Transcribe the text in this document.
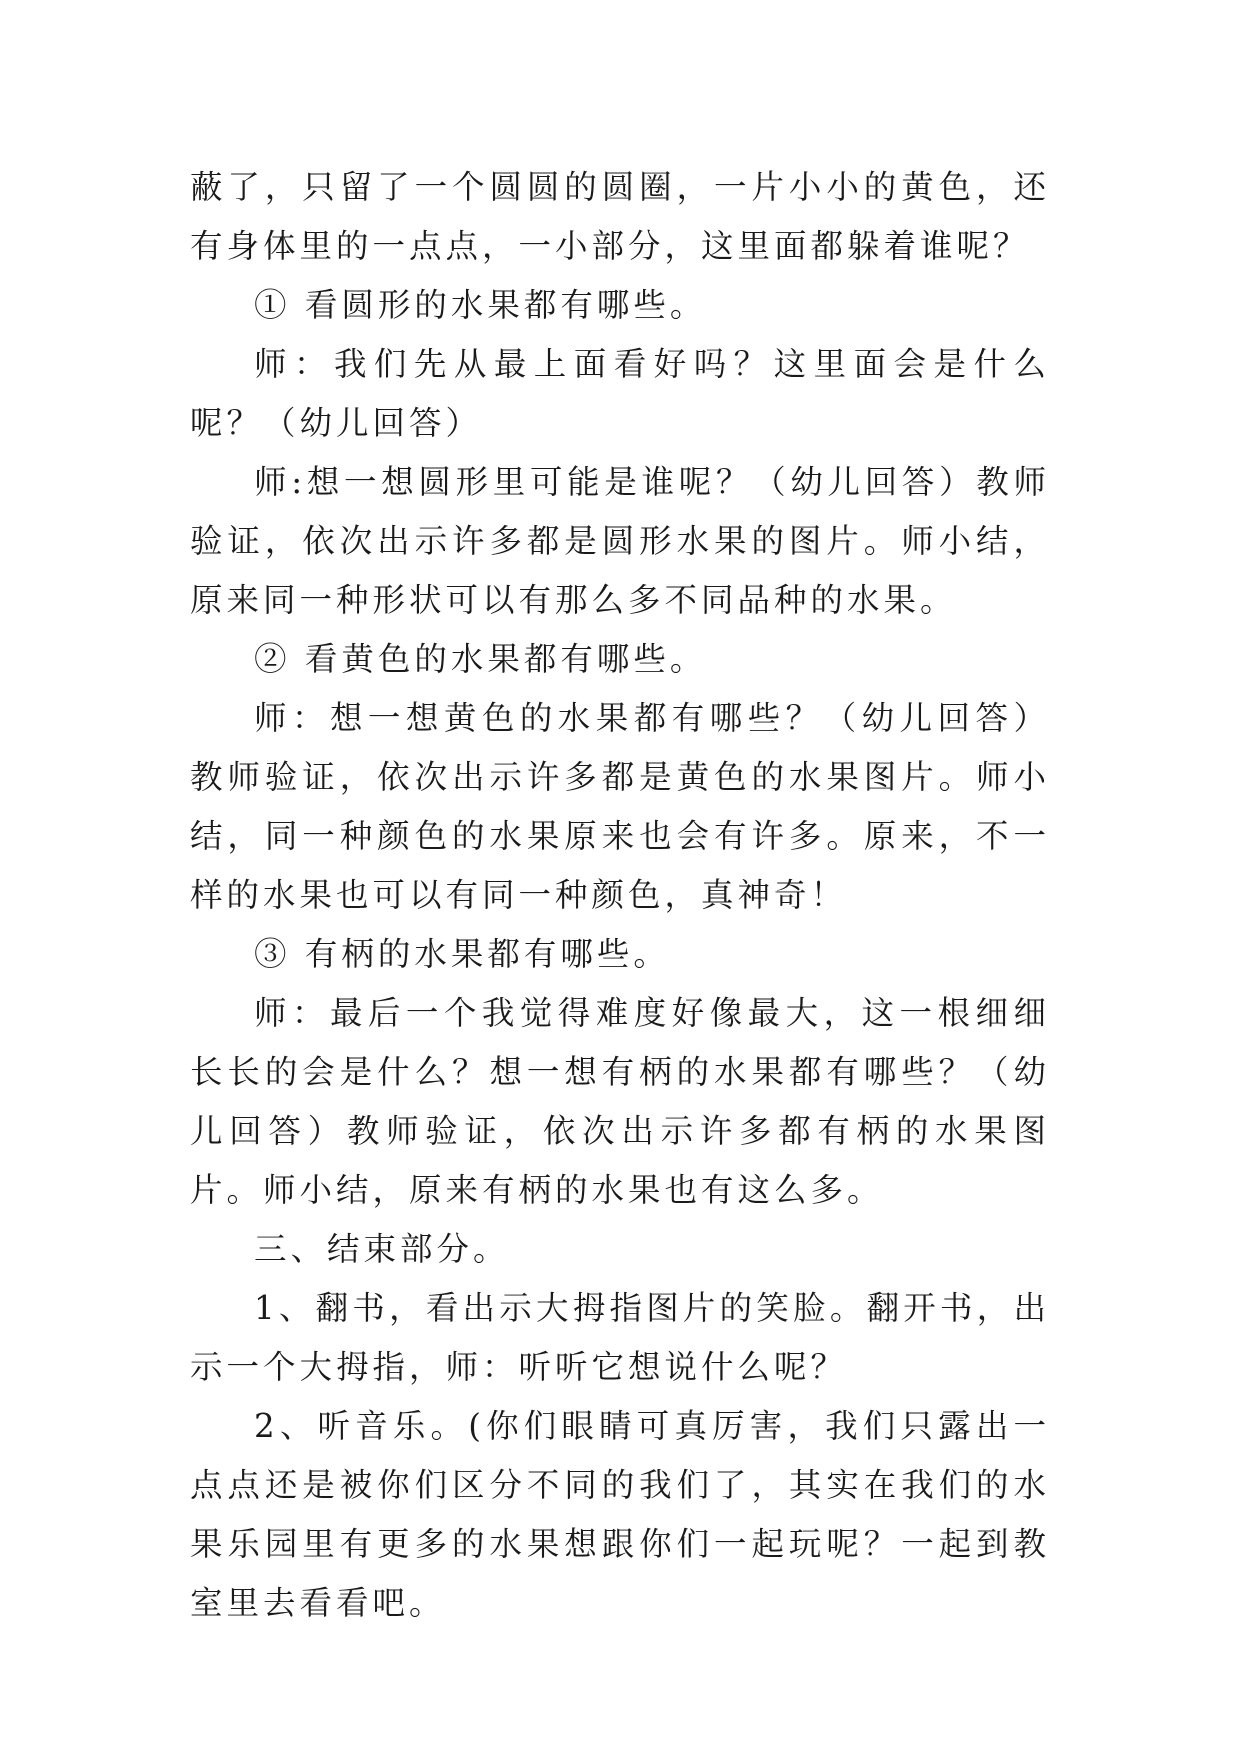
蔽了，只留了一个圆圆的圆圈，一片小小的黄色，还有身体里的一点点，一小部分，这里面都躲着谁呢？

① 看圆形的水果都有哪些。

师：我们先从最上面看好吗？这里面会是什么呢？（幼儿回答）

师:想一想圆形里可能是谁呢？（幼儿回答）教师验证，依次出示许多都是圆形水果的图片。师小结，原来同一种形状可以有那么多不同品种的水果。

② 看黄色的水果都有哪些。

师：想一想黄色的水果都有哪些？（幼儿回答）教师验证，依次出示许多都是黄色的水果图片。师小结，同一种颜色的水果原来也会有许多。原来，不一样的水果也可以有同一种颜色，真神奇！

③ 有柄的水果都有哪些。

师：最后一个我觉得难度好像最大，这一根细细长长的会是什么？想一想有柄的水果都有哪些？（幼儿回答）教师验证，依次出示许多都有柄的水果图片。师小结，原来有柄的水果也有这么多。

三、结束部分。

1、翻书，看出示大拇指图片的笑脸。翻开书，出示一个大拇指，师：听听它想说什么呢？

2、听音乐。(你们眼睛可真厉害，我们只露出一点点还是被你们区分不同的我们了，其实在我们的水果乐园里有更多的水果想跟你们一起玩呢？一起到教室里去看看吧。
